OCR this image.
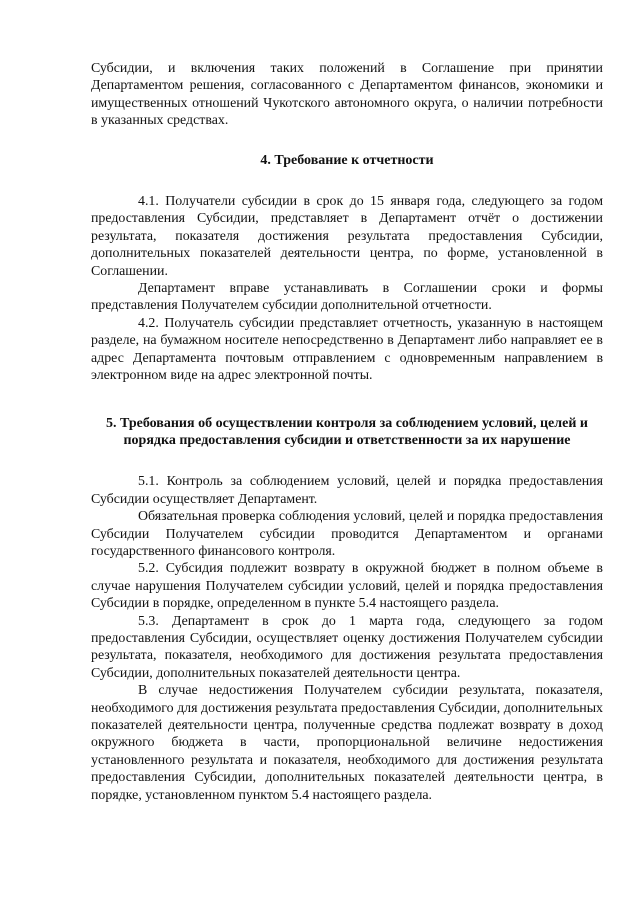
Субсидии, и включения таких положений в Соглашение при принятии Департаментом решения, согласованного с Департаментом финансов, экономики и имущественных отношений Чукотского автономного округа, о наличии потребности в указанных средствах.

4. Требование к отчетности

4.1. Получатели субсидии в срок до 15 января года, следующего за годом предоставления Субсидии, представляет в Департамент отчёт о достижении результата, показателя достижения результата предоставления Субсидии, дополнительных показателей деятельности центра, по форме, установленной в Соглашении.

Департамент вправе устанавливать в Соглашении сроки и формы представления Получателем субсидии дополнительной отчетности.

4.2. Получатель субсидии представляет отчетность, указанную в настоящем разделе, на бумажном носителе непосредственно в Департамент либо направляет ее в адрес Департамента почтовым отправлением с одновременным направлением в электронном виде на адрес электронной почты.

5. Требования об осуществлении контроля за соблюдением условий, целей и порядка предоставления субсидии и ответственности за их нарушение

5.1. Контроль за соблюдением условий, целей и порядка предоставления Субсидии осуществляет Департамент.

Обязательная проверка соблюдения условий, целей и порядка предоставления Субсидии Получателем субсидии проводится Департаментом и органами государственного финансового контроля.

5.2. Субсидия подлежит возврату в окружной бюджет в полном объеме в случае нарушения Получателем субсидии условий, целей и порядка предоставления Субсидии в порядке, определенном в пункте 5.4 настоящего раздела.

5.3. Департамент в срок до 1 марта года, следующего за годом предоставления Субсидии, осуществляет оценку достижения Получателем субсидии результата, показателя, необходимого для достижения результата предоставления Субсидии, дополнительных показателей деятельности центра.

В случае недостижения Получателем субсидии результата, показателя, необходимого для достижения результата предоставления Субсидии, дополнительных показателей деятельности центра, полученные средства подлежат возврату в доход окружного бюджета в части, пропорциональной величине недостижения установленного результата и показателя, необходимого для достижения результата предоставления Субсидии, дополнительных показателей деятельности центра, в порядке, установленном пунктом 5.4 настоящего раздела.
